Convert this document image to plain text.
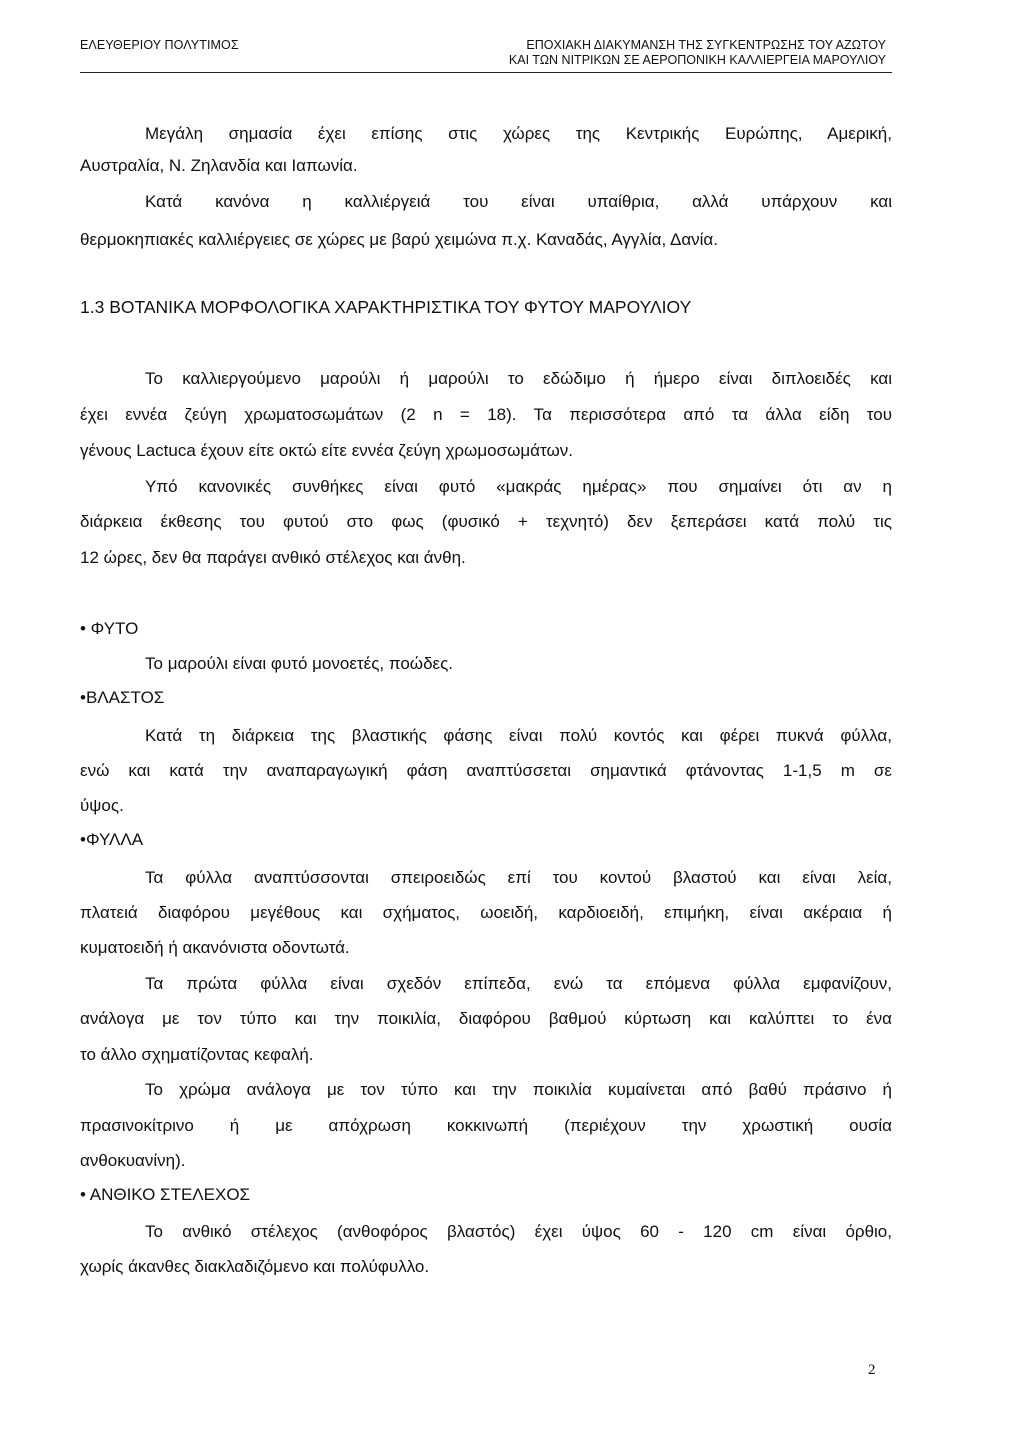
ΕΛΕΥΘΕΡΙΟΥ ΠΟΛΥΤΙΜΟΣ	ΕΠΟΧΙΑΚΗ ΔΙΑΚΥΜΑΝΣΗ ΤΗΣ ΣΥΓΚΕΝΤΡΩΣΗΣ ΤΟΥ ΑΖΩΤΟΥ
ΚΑΙ ΤΩΝ ΝΙΤΡΙΚΩΝ ΣΕ ΑΕΡΟΠΟΝΙΚΗ ΚΑΛΛΙΕΡΓΕΙΑ ΜΑΡΟΥΛΙΟΥ
Μεγάλη σημασία έχει επίσης στις χώρες της Κεντρικής Ευρώπης, Αμερική,
Αυστραλία, Ν. Ζηλανδία και Ιαπωνία.
Κατά κανόνα η καλλιέργειά του είναι υπαίθρια, αλλά υπάρχουν και
θερμοκηπιακές καλλιέργειες σε χώρες με βαρύ χειμώνα π.χ. Καναδάς, Αγγλία, Δανία.
1.3 ΒΟΤΑΝΙΚΑ ΜΟΡΦΟΛΟΓΙΚΑ ΧΑΡΑΚΤΗΡΙΣΤΙΚΑ ΤΟΥ ΦΥΤΟΥ ΜΑΡΟΥΛΙΟΥ
Το καλλιεργούμενο μαρούλι ή μαρούλι το εδώδιμο ή ήμερο είναι διπλοειδές και
έχει εννέα ζεύγη χρωματοσωμάτων (2 n = 18). Τα περισσότερα από τα άλλα είδη του
γένους Lactuca έχουν είτε οκτώ είτε εννέα ζεύγη χρωμοσωμάτων.
Υπό κανονικές συνθήκες είναι φυτό «μακράς ημέρας» που σημαίνει ότι αν η
διάρκεια έκθεσης του φυτού στο φως (φυσικό + τεχνητό) δεν ξεπεράσει κατά πολύ τις
12 ώρες, δεν θα παράγει ανθικό στέλεχος και άνθη.
• ΦΥΤΟ
Το μαρούλι είναι φυτό μονοετές, ποώδες.
•ΒΛΑΣΤΟΣ
Κατά τη διάρκεια της βλαστικής φάσης είναι πολύ κοντός και φέρει πυκνά φύλλα,
ενώ και κατά την αναπαραγωγική φάση αναπτύσσεται σημαντικά φτάνοντας 1-1,5 m σε
ύψος.
•ΦΥΛΛΑ
Τα φύλλα αναπτύσσονται σπειροειδώς επί του κοντού βλαστού και είναι λεία,
πλατειά διαφόρου μεγέθους και σχήματος, ωοειδή, καρδιοειδή, επιμήκη, είναι ακέραια ή
κυματοειδή ή ακανόνιστα οδοντωτά.
Τα πρώτα φύλλα είναι σχεδόν επίπεδα, ενώ τα επόμενα φύλλα εμφανίζουν,
ανάλογα με τον τύπο και την ποικιλία, διαφόρου βαθμού κύρτωση και καλύπτει το ένα
το άλλο σχηματίζοντας κεφαλή.
Το χρώμα ανάλογα με τον τύπο και την ποικιλία κυμαίνεται από βαθύ πράσινο ή
πρασινοκίτρινο ή με απόχρωση κοκκινωπή (περιέχουν την χρωστική ουσία
ανθοκυανίνη).
• ΑΝΘΙΚΟ ΣΤΕΛΕΧΟΣ
Το ανθικό στέλεχος (ανθοφόρος βλαστός) έχει ύψος 60 - 120 cm είναι όρθιο,
χωρίς άκανθες διακλαδιζόμενο και πολύφυλλο.
2
